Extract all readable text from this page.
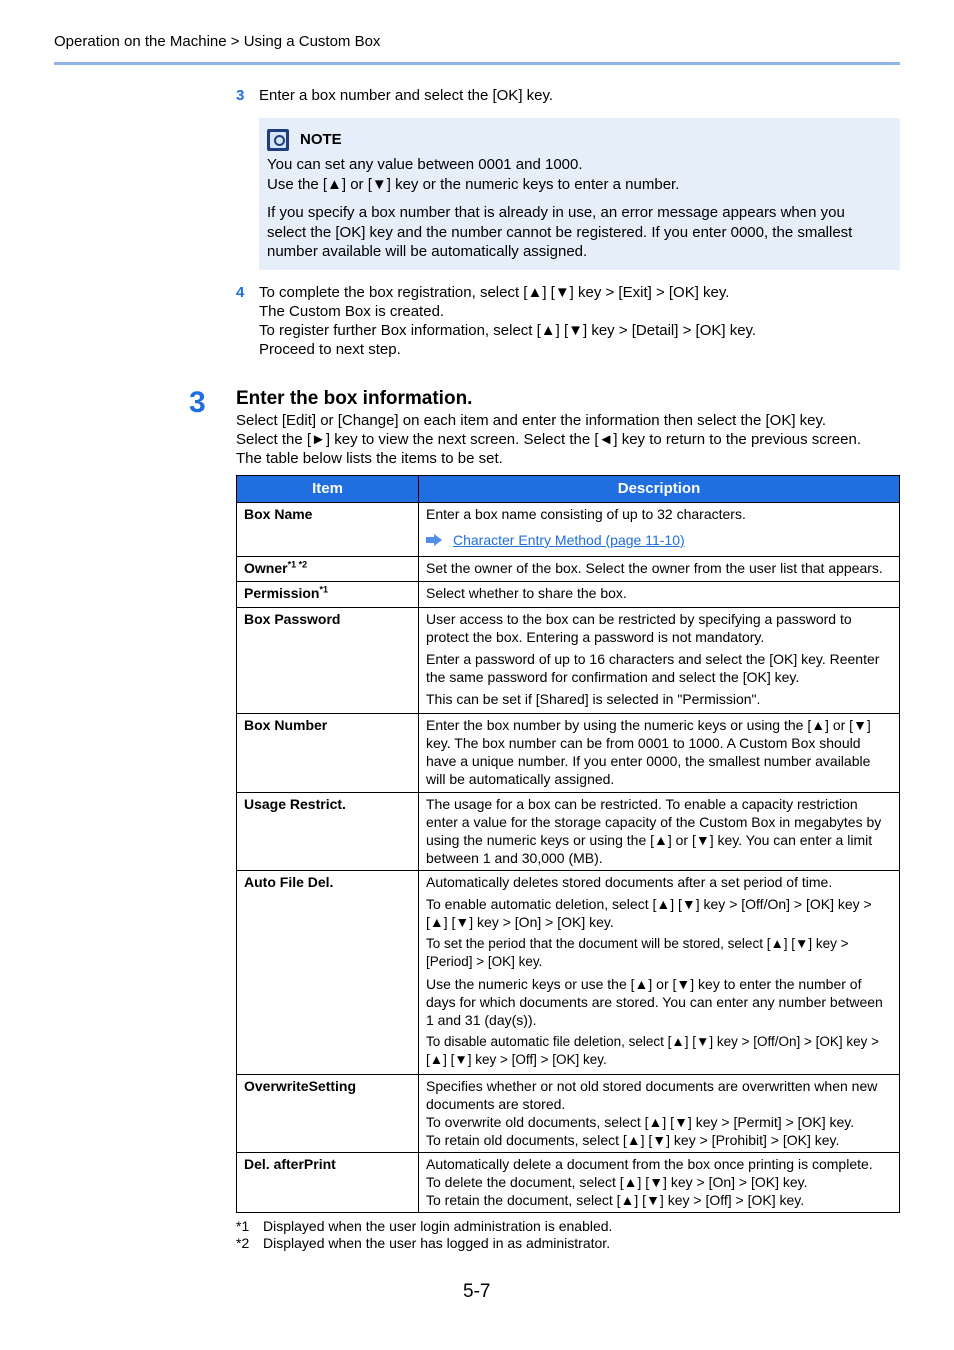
Operation on the Machine > Using a Custom Box
3 Enter a box number and select the [OK] key.
NOTE

You can set any value between 0001 and 1000.

Use the [▲] or [▼] key or the numeric keys to enter a number.

If you specify a box number that is already in use, an error message appears when you

select the [OK] key and the number cannot be registered. If you enter 0000, the smallest

number available will be automatically assigned.

4 To complete the box registration, select [▲] [▼] key > [Exit] > [OK] key.
The Custom Box is created.
To register further Box information, select [▲] [▼] key > [Detail] > [OK] key.
Proceed to next step.
3 Enter the box information.
Select [Edit] or [Change] on each item and enter the information then select the [OK] key.
Select the [►] key to view the next screen. Select the [◄] key to return to the previous screen.
The table below lists the items to be set.
Item	Description
Box Name	Enter a box name consisting of up to 32 characters.

Character Entry Method (page 11-10)

Owner$^{*1 *2}$	Set the owner of the box. Select the owner from the user list that appears.

Permission$^{*1}$	Select whether to share the box.

Box Password	User access to the box can be restricted by specifying a password to protect the box. Entering a password is not mandatory.

Enter a password of up to 16 characters and select the [OK] key. Reenter the same password for confirmation and select the [OK] key.

This can be set if [Shared] is selected in "Permission".

Box Number	Enter the box number by using the numeric keys or using the [▲] or [▼] key. The box number can be from 0001 to 1000. A Custom Box should have a unique number. If you enter 0000, the smallest number available will be automatically assigned.

Usage Restrict.	The usage for a box can be restricted. To enable a capacity restriction enter a value for the storage capacity of the Custom Box in megabytes by using the numeric keys or using the [▲] or [▼] key. You can enter a limit between 1 and 30,000 (MB).

Auto File Del.	Automatically deletes stored documents after a set period of time.

To enable automatic deletion, select [▲] [▼] key > [Off/On] > [OK] key > [▲] [▼] key > [On] > [OK] key.

To set the period that the document will be stored, select [▲] [▼] key > [Period] > [OK] key.

Use the numeric keys or use the [▲] or [▼] key to enter the number of days for which documents are stored. You can enter any number between 1 and 31 (day(s)).

To disable automatic file deletion, select [▲] [▼] key > [Off/On] > [OK] key > [▲] [▼] key > [Off] > [OK] key.

OverwriteSetting	Specifies whether or not old stored documents are overwritten when new documents are stored.

To overwrite old documents, select [▲] [▼] key > [Permit] > [OK] key.

To retain old documents, select [▲] [▼] key > [Prohibit] > [OK] key.

Del. afterPrint	Automatically delete a document from the box once printing is complete.

To delete the document, select [▲] [▼] key > [On] > [OK] key.

To retain the document, select [▲] [▼] key > [Off] > [OK] key.

*1 Displayed when the user login administration is enabled.
*2 Displayed when the user has logged in as administrator.
5-7
